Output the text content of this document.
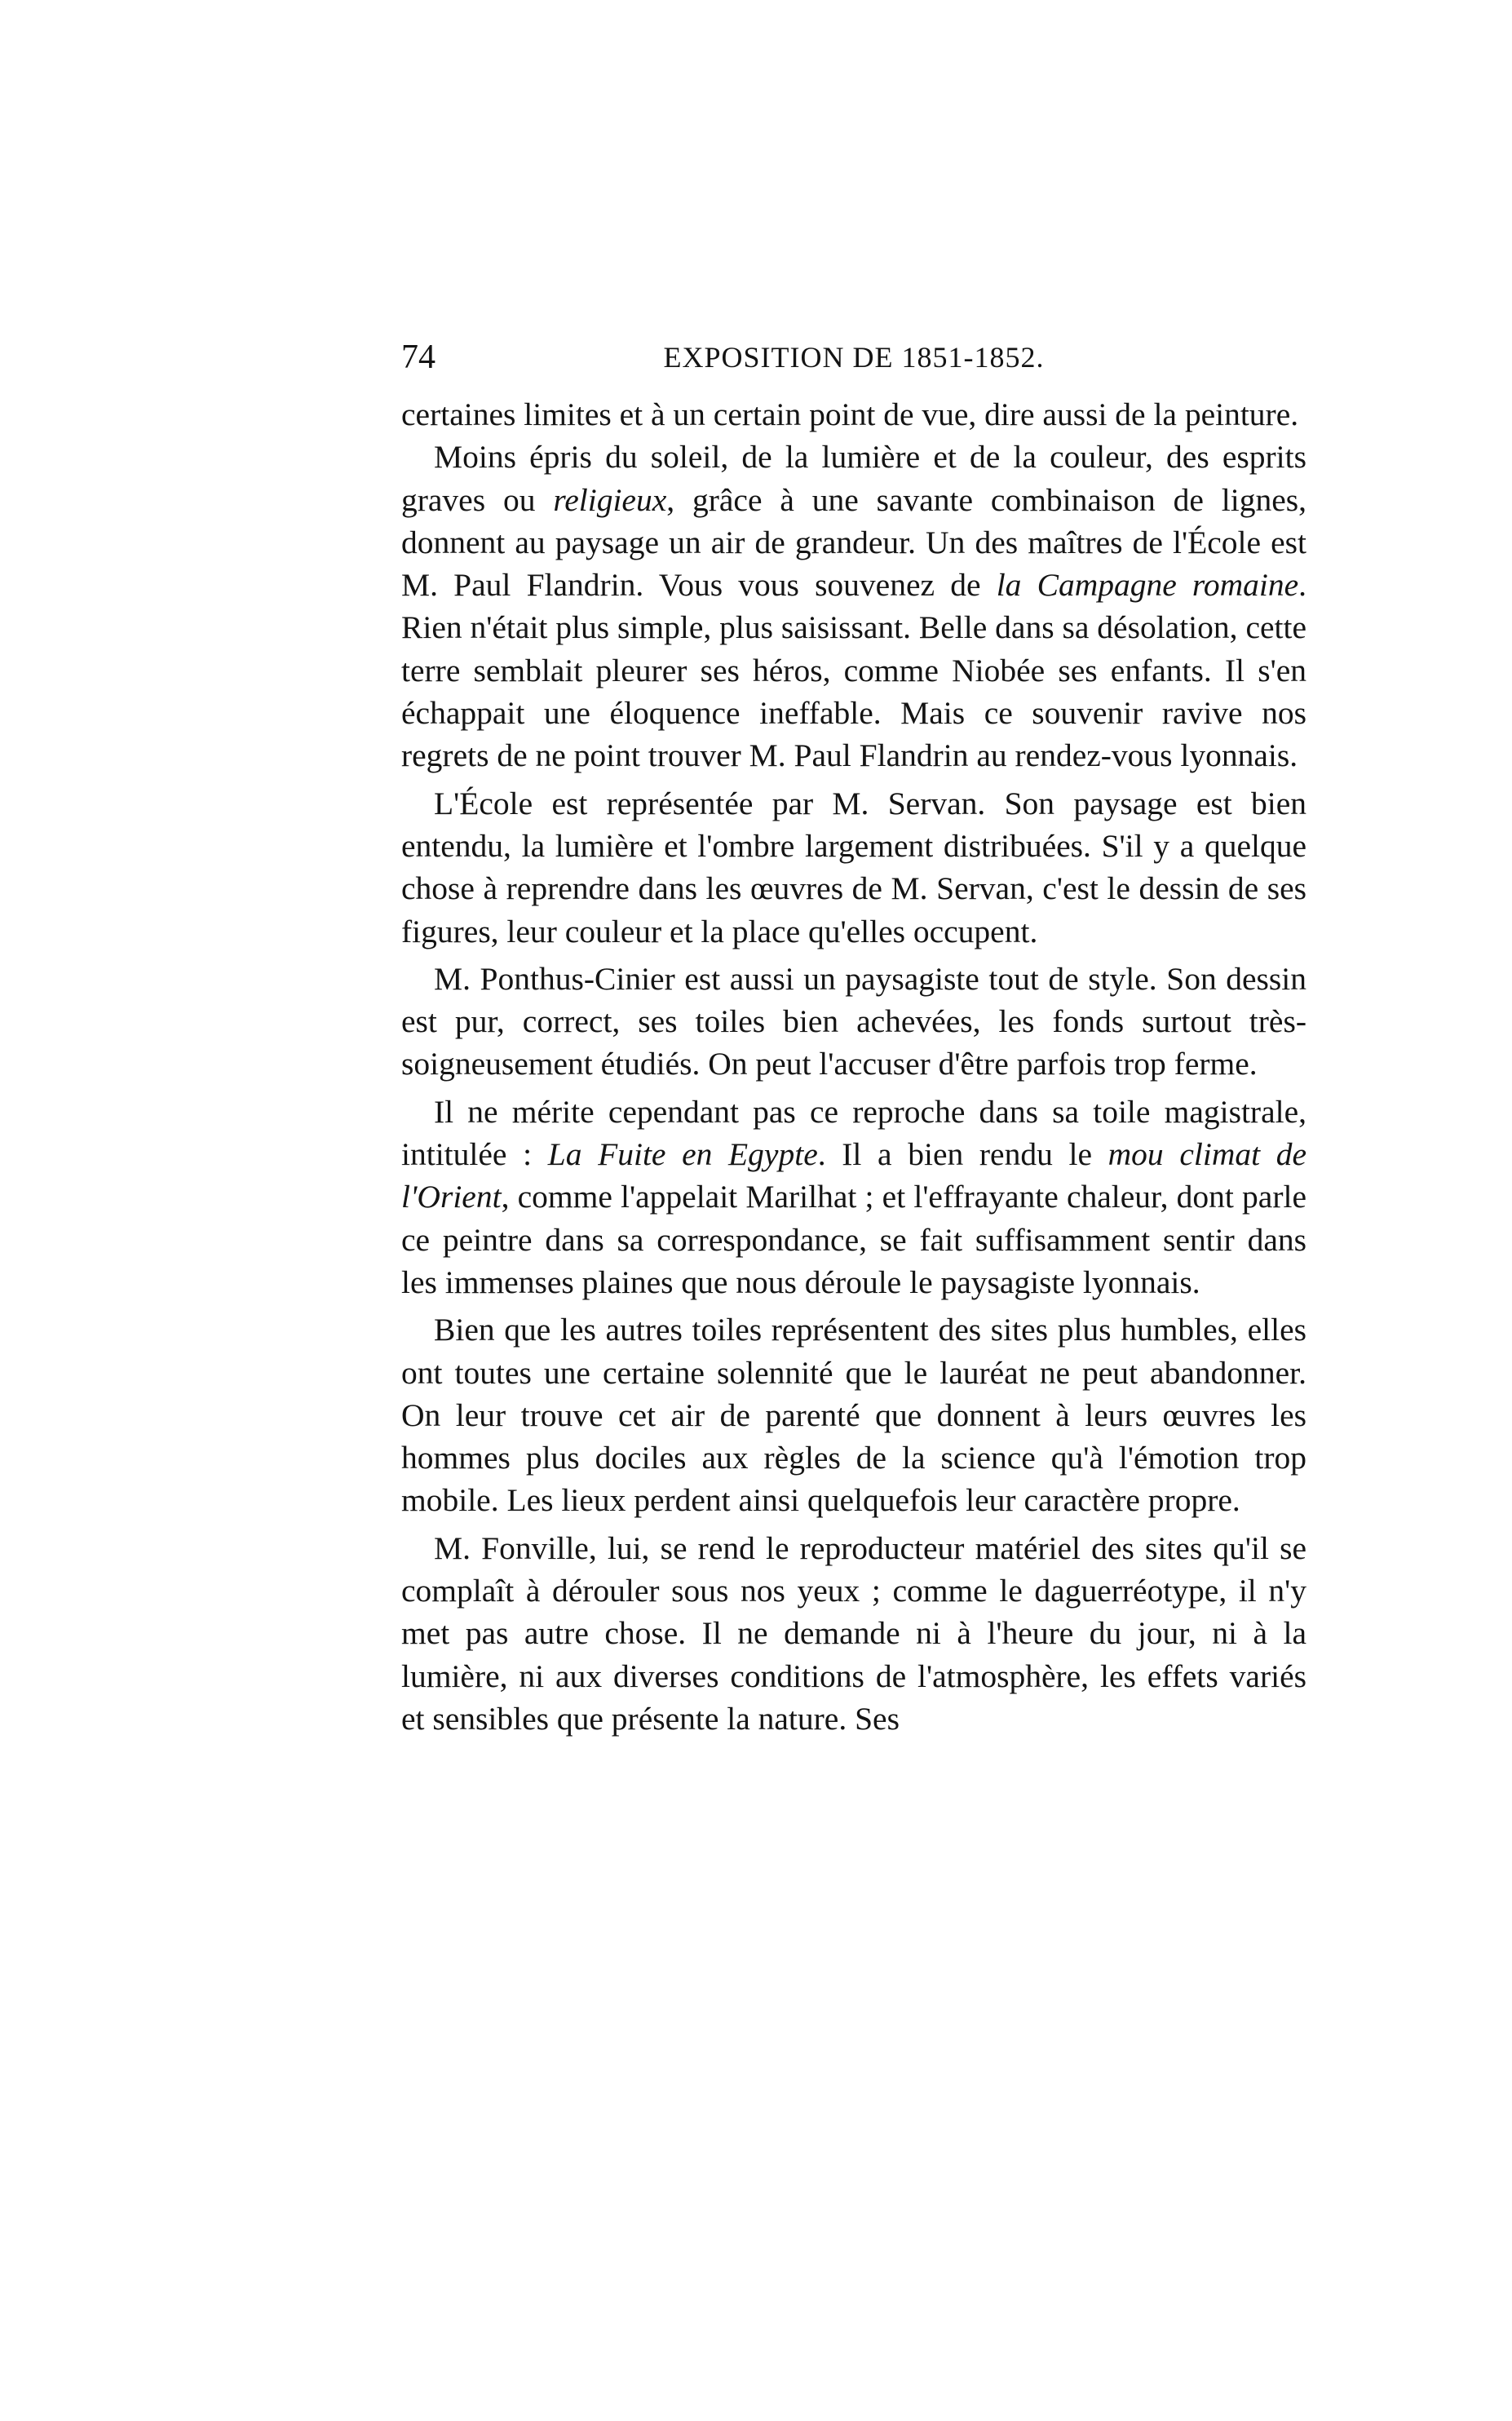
74	EXPOSITION DE 1851-1852.

certaines limites et à un certain point de vue, dire aussi de la peinture.

Moins épris du soleil, de la lumière et de la couleur, des esprits graves ou religieux, grâce à une savante combinaison de lignes, donnent au paysage un air de grandeur. Un des maîtres de l'École est M. Paul Flandrin. Vous vous souvenez de la Campagne romaine. Rien n'était plus simple, plus saisissant. Belle dans sa désolation, cette terre semblait pleurer ses héros, comme Niobée ses enfants. Il s'en échappait une éloquence ineffable. Mais ce souvenir ravive nos regrets de ne point trouver M. Paul Flandrin au rendez-vous lyonnais.

L'École est représentée par M. Servan. Son paysage est bien entendu, la lumière et l'ombre largement distribuées. S'il y a quelque chose à reprendre dans les œuvres de M. Servan, c'est le dessin de ses figures, leur couleur et la place qu'elles occupent.

M. Ponthus-Cinier est aussi un paysagiste tout de style. Son dessin est pur, correct, ses toiles bien achevées, les fonds surtout très-soigneusement étudiés. On peut l'accuser d'être parfois trop ferme.

Il ne mérite cependant pas ce reproche dans sa toile magistrale, intitulée : La Fuite en Egypte. Il a bien rendu le mou climat de l'Orient, comme l'appelait Marilhat ; et l'effrayante chaleur, dont parle ce peintre dans sa correspondance, se fait suffisamment sentir dans les immenses plaines que nous déroule le paysagiste lyonnais.

Bien que les autres toiles représentent des sites plus humbles, elles ont toutes une certaine solennité que le lauréat ne peut abandonner. On leur trouve cet air de parenté que donnent à leurs œuvres les hommes plus dociles aux règles de la science qu'à l'émotion trop mobile. Les lieux perdent ainsi quelquefois leur caractère propre.

M. Fonville, lui, se rend le reproducteur matériel des sites qu'il se complaît à dérouler sous nos yeux ; comme le daguerréotype, il n'y met pas autre chose. Il ne demande ni à l'heure du jour, ni à la lumière, ni aux diverses conditions de l'atmosphère, les effets variés et sensibles que présente la nature. Ses
